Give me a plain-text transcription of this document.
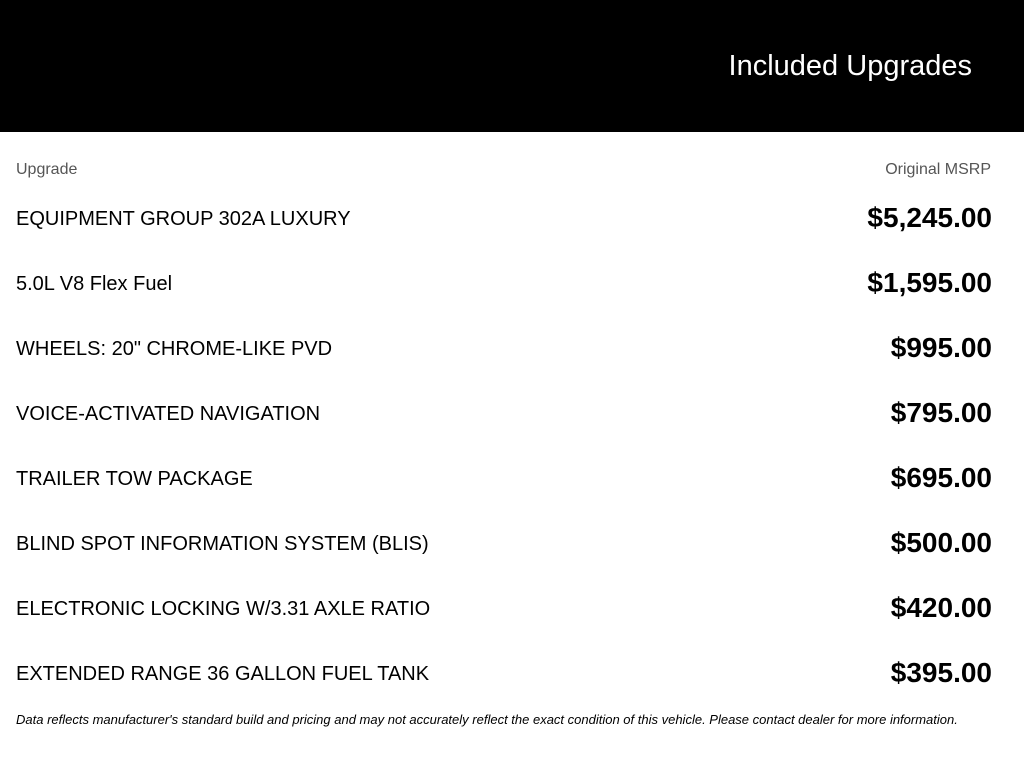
Included Upgrades
Upgrade	Original MSRP
EQUIPMENT GROUP 302A LUXURY	$5,245.00
5.0L V8 Flex Fuel	$1,595.00
WHEELS: 20" CHROME-LIKE PVD	$995.00
VOICE-ACTIVATED NAVIGATION	$795.00
TRAILER TOW PACKAGE	$695.00
BLIND SPOT INFORMATION SYSTEM (BLIS)	$500.00
ELECTRONIC LOCKING W/3.31 AXLE RATIO	$420.00
EXTENDED RANGE 36 GALLON FUEL TANK	$395.00

Data reflects manufacturer's standard build and pricing and may not accurately reflect the exact condition of this vehicle. Please contact dealer for more information.
